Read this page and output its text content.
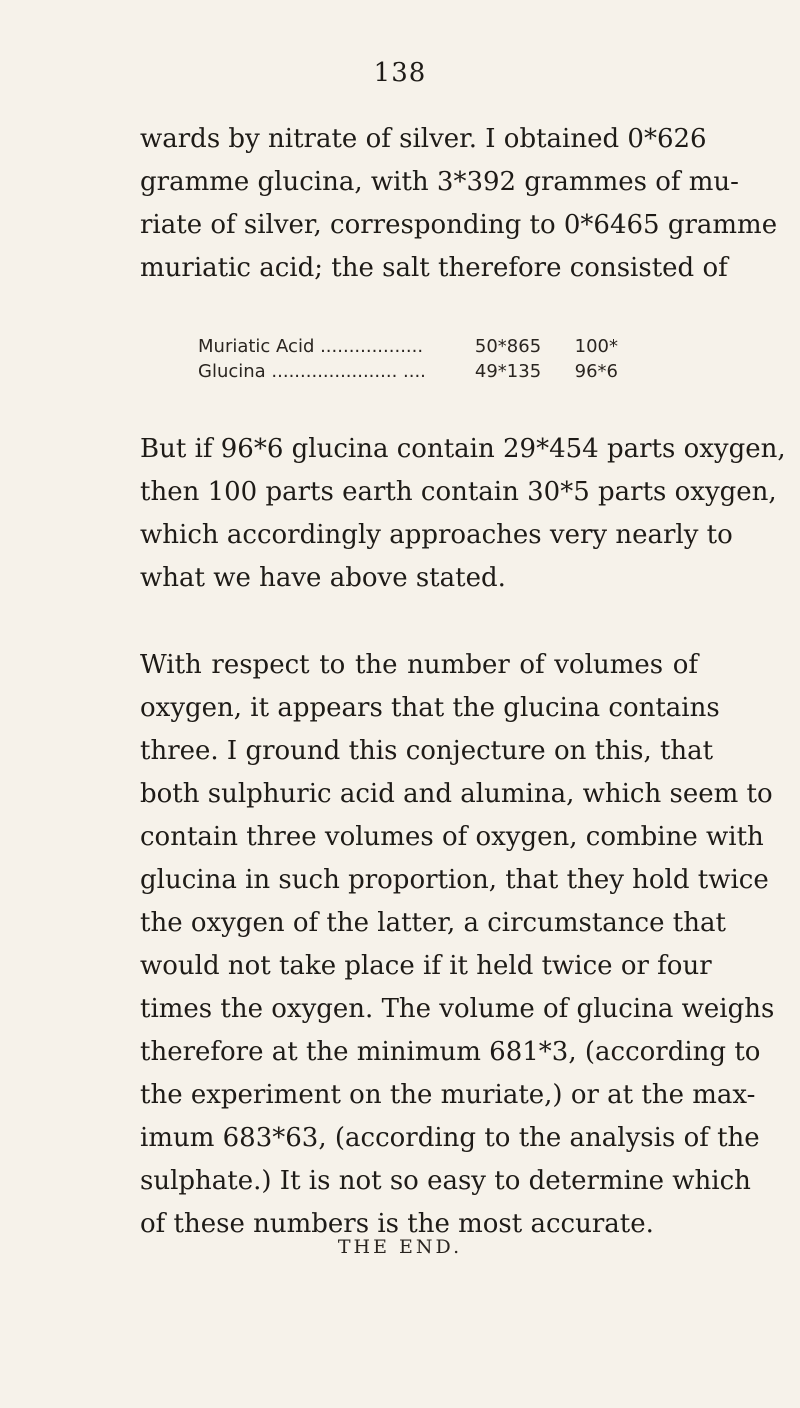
138
wards by nitrate of silver. I obtained 0*626
gramme glucina, with 3*392 grammes of mu-
riate of silver, corresponding to 0*6465 gramme
muriatic acid; the salt therefore consisted of
Muriatic Acid ..................	50*865	100*
Glucina ...................... ....	49*135	96*6
But if 96*6 glucina contain 29*454 parts oxygen,
then 100 parts earth contain 30*5 parts oxygen,
which accordingly approaches very nearly to
what we have above stated.
With respect to the number of volumes of
oxygen, it appears that the glucina contains
three. I ground this conjecture on this, that
both sulphuric acid and alumina, which seem to
contain three volumes of oxygen, combine with
glucina in such proportion, that they hold twice
the oxygen of the latter, a circumstance that
would not take place if it held twice or four
times the oxygen. The volume of glucina weighs
therefore at the minimum 681*3, (according to
the experiment on the muriate,) or at the max-
imum 683*63, (according to the analysis of the
sulphate.) It is not so easy to determine which
of these numbers is the most accurate.
THE END.
